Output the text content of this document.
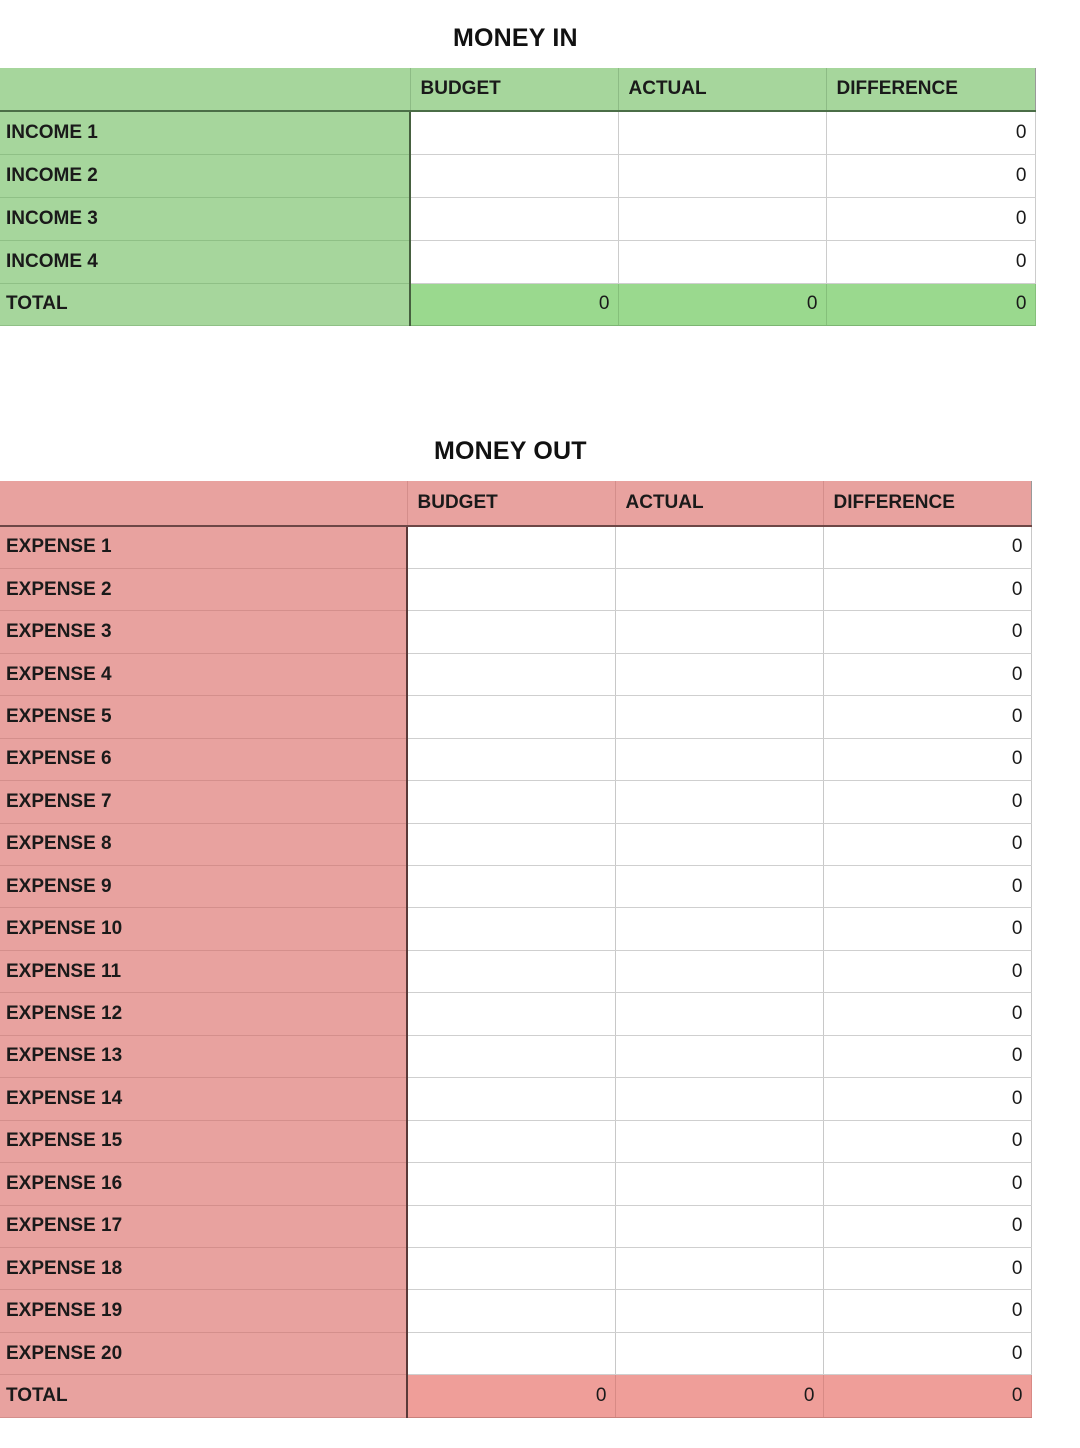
MONEY IN
	BUDGET	ACTUAL	DIFFERENCE
INCOME 1			0
INCOME 2			0
INCOME 3			0
INCOME 4			0
TOTAL	0	0	0
MONEY OUT
	BUDGET	ACTUAL	DIFFERENCE
EXPENSE 1			0
EXPENSE 2			0
EXPENSE 3			0
EXPENSE 4			0
EXPENSE 5			0
EXPENSE 6			0
EXPENSE 7			0
EXPENSE 8			0
EXPENSE 9			0
EXPENSE 10			0
EXPENSE 11			0
EXPENSE 12			0
EXPENSE 13			0
EXPENSE 14			0
EXPENSE 15			0
EXPENSE 16			0
EXPENSE 17			0
EXPENSE 18			0
EXPENSE 19			0
EXPENSE 20			0
TOTAL	0	0	0
